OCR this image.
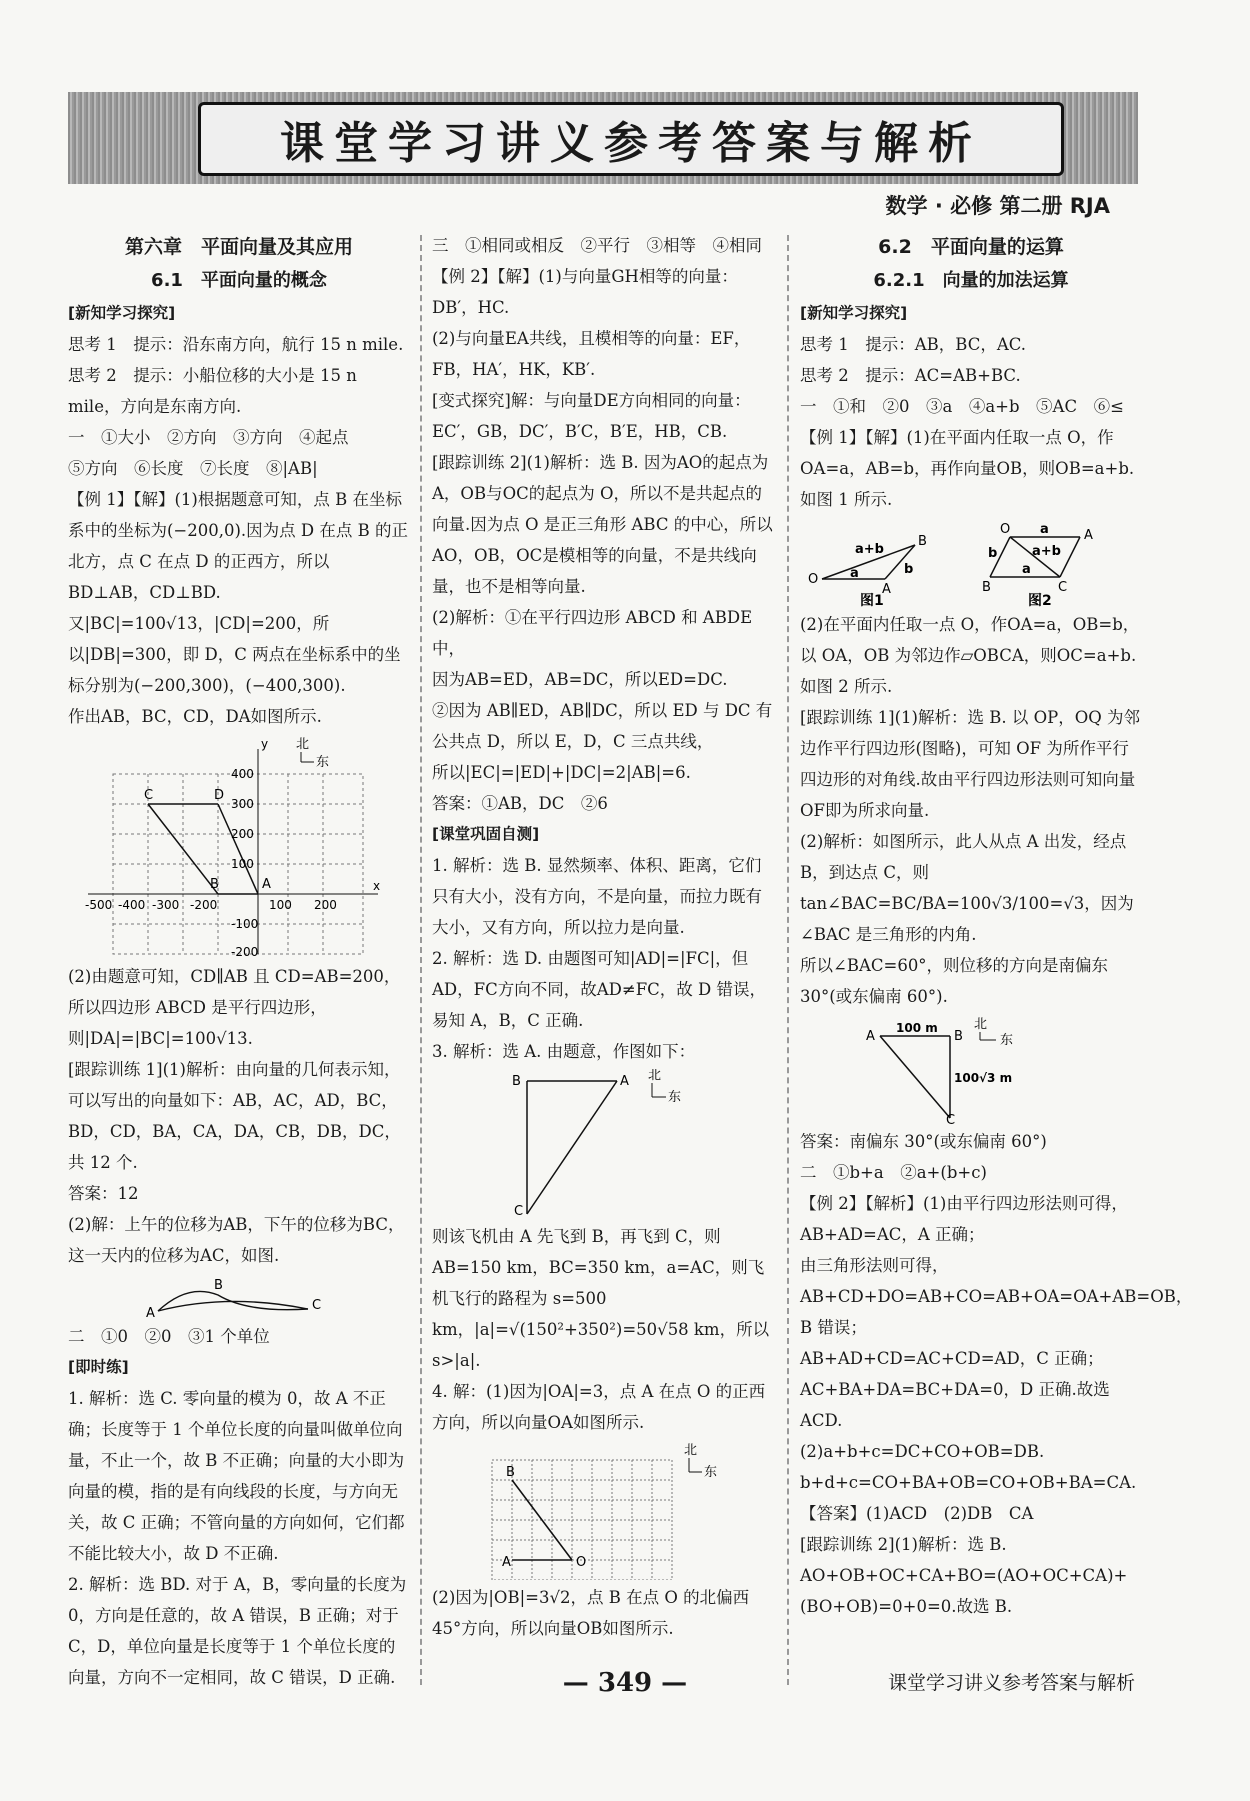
课堂学习讲义参考答案与解析
数学 · 必修 第二册 RJA
第六章　平面向量及其应用
6.1　平面向量的概念

[新知学习探究]

思考 1　提示：沿东南方向，航行 15 n mile.

思考 2　提示：小船位移的大小是 15 n mile，方向是东南方向.

一　①大小　②方向　③方向　④起点

⑤方向　⑥长度　⑦长度　⑧|AB|

【例 1】【解】(1)根据题意可知，点 B 在坐标系中的坐标为(−200,0).因为点 D 在点 B 的正北方，点 C 在点 D 的正西方，所以 BD⊥AB，CD⊥BD.

又|BC|=100√13，|CD|=200，所以|DB|=300，即 D，C 两点在坐标系中的坐标分别为(−200,300)，(−400,300).

作出AB，BC，CD，DA如图所示.

C	D
B	A
y
x
北
东
400
300
200
100
-100
-200
-500 -400 -300 -200	100 200

(2)由题意可知，CD∥AB 且 CD=AB=200，

所以四边形 ABCD 是平行四边形，

则|DA|=|BC|=100√13.

[跟踪训练 1](1)解析：由向量的几何表示知，可以写出的向量如下：AB，AC，AD，BC，BD，CD，BA，CA，DA，CB，DB，DC，共 12 个.

答案：12

(2)解：上午的位移为AB，下午的位移为BC，这一天内的位移为AC，如图.

A
B
C

二　①0　②0　③1 个单位

[即时练]

1. 解析：选 C. 零向量的模为 0，故 A 不正确；长度等于 1 个单位长度的向量叫做单位向量，不止一个，故 B 不正确；向量的大小即为向量的模，指的是有向线段的长度，与方向无关，故 C 正确；不管向量的方向如何，它们都不能比较大小，故 D 不正确.

2. 解析：选 BD. 对于 A，B，零向量的长度为 0，方向是任意的，故 A 错误，B 正确；对于 C，D，单位向量是长度等于 1 个单位长度的向量，方向不一定相同，故 C 错误，D 正确.

三　①相同或相反　②平行　③相等　④相同

【例 2】【解】(1)与向量GH相等的向量：DB′，HC.

(2)与向量EA共线，且模相等的向量：EF，FB，HA′，HK，KB′.

[变式探究]解：与向量DE方向相同的向量：EC′，GB，DC′，B′C，B′E，HB，CB.

[跟踪训练 2](1)解析：选 B. 因为AO的起点为 A，OB与OC的起点为 O，所以不是共起点的向量.因为点 O 是正三角形 ABC 的中心，所以AO，OB，OC是模相等的向量，不是共线向量，也不是相等向量.

(2)解析：①在平行四边形 ABCD 和 ABDE 中，

因为AB=ED，AB=DC，所以ED=DC.

②因为 AB∥ED，AB∥DC，所以 ED 与 DC 有公共点 D，所以 E，D，C 三点共线，

所以|EC|=|ED|+|DC|=2|AB|=6.

答案：①AB，DC　②6

[课堂巩固自测]

1. 解析：选 B. 显然频率、体积、距离，它们只有大小，没有方向，不是向量，而拉力既有大小，又有方向，所以拉力是向量.

2. 解析：选 D. 由题图可知|AD|=|FC|，但AD，FC方向不同，故AD≠FC，故 D 错误，易知 A，B，C 正确.

3. 解析：选 A. 由题意，作图如下：

B	A
C
北
东

则该飞机由 A 先飞到 B，再飞到 C，则 AB=150 km，BC=350 km，a=AC，则飞机飞行的路程为 s=500 km，|a|=√(150²+350²)=50√58 km，所以 s>|a|.

4. 解：(1)因为|OA|=3，点 A 在点 O 的正西方向，所以向量OA如图所示.

B
A	O
北
东

(2)因为|OB|=3√2，点 B 在点 O 的北偏西 45°方向，所以向量OB如图所示.

6.2　平面向量的运算
6.2.1　向量的加法运算

[新知学习探究]

思考 1　提示：AB，BC，AC.

思考 2　提示：AC=AB+BC.

一　①和　②0　③a　④a+b　⑤AC　⑥≤

【例 1】【解】(1)在平面内任取一点 O，作OA=a，AB=b，再作向量OB，则OB=a+b.如图 1 所示.

a+b
B
O a
A
b
图1
O a	A
b	a+b
B
a
C
图2

(2)在平面内任取一点 O，作OA=a，OB=b，以 OA，OB 为邻边作▱OBCA，则OC=a+b.如图 2 所示.

[跟踪训练 1](1)解析：选 B. 以 OP，OQ 为邻边作平行四边形(图略)，可知 OF 为所作平行四边形的对角线.故由平行四边形法则可知向量OF即为所求向量.

(2)解析：如图所示，此人从点 A 出发，经点 B，到达点 C，则 tan∠BAC=BC/BA=100√3/100=√3，因为∠BAC 是三角形的内角.

所以∠BAC=60°，则位移的方向是南偏东 30°(或东偏南 60°).

北
东
A
100 m
B
100√3 m
C

答案：南偏东 30°(或东偏南 60°)

二　①b+a　②a+(b+c)

【例 2】【解析】(1)由平行四边形法则可得，AB+AD=AC，A 正确；

由三角形法则可得，AB+CD+DO=AB+CO=AB+OA=OA+AB=OB，B 错误；

AB+AD+CD=AC+CD=AD，C 正确；

AC+BA+DA=BC+DA=0，D 正确.故选 ACD.

(2)a+b+c=DC+CO+OB=DB.

b+d+c=CO+BA+OB=CO+OB+BA=CA.

【答案】(1)ACD　(2)DB　CA

[跟踪训练 2](1)解析：选 B. AO+OB+OC+CA+BO=(AO+OC+CA)+(BO+OB)=0+0=0.故选 B.

— 349 —	课堂学习讲义参考答案与解析
